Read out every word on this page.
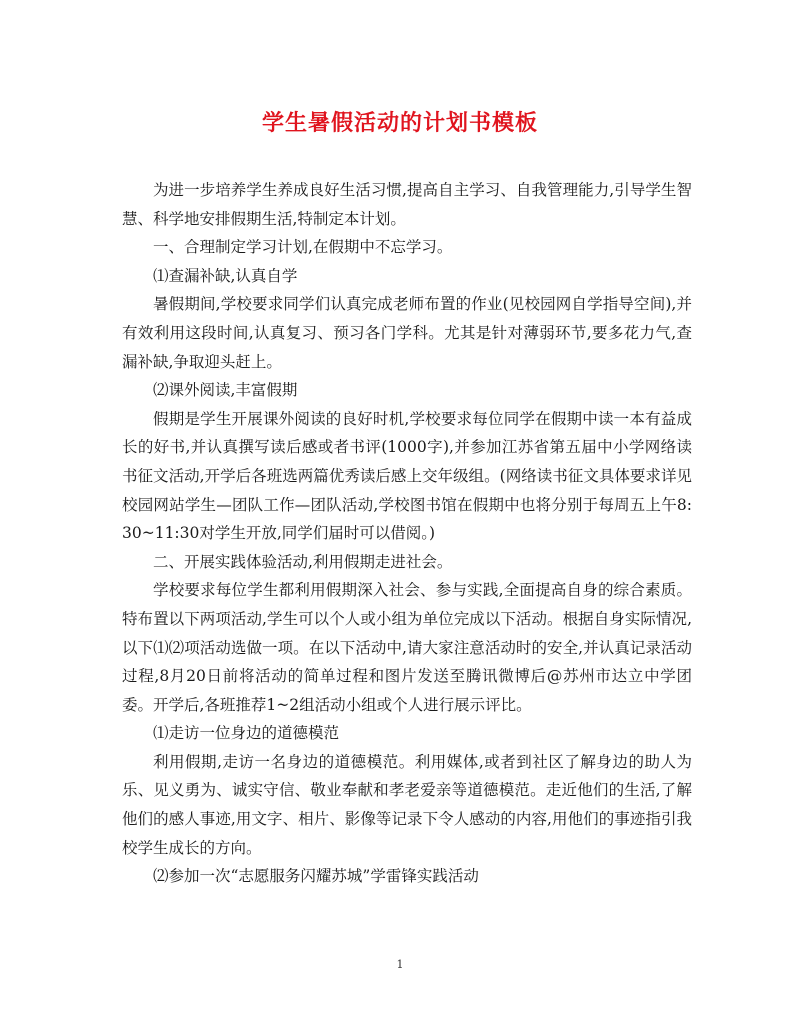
学生暑假活动的计划书模板

为进一步培养学生养成良好生活习惯,提高自主学习、自我管理能力,引导学生智慧、科学地安排假期生活,特制定本计划。

一、合理制定学习计划,在假期中不忘学习。

⑴查漏补缺,认真自学

暑假期间,学校要求同学们认真完成老师布置的作业(见校园网自学指导空间),并有效利用这段时间,认真复习、预习各门学科。尤其是针对薄弱环节,要多花力气,查漏补缺,争取迎头赶上。

⑵课外阅读,丰富假期

假期是学生开展课外阅读的良好时机,学校要求每位同学在假期中读一本有益成长的好书,并认真撰写读后感或者书评(1000字),并参加江苏省第五届中小学网络读书征文活动,开学后各班选两篇优秀读后感上交年级组。(网络读书征文具体要求详见校园网站学生—团队工作—团队活动,学校图书馆在假期中也将分别于每周五上午8:30~11:30对学生开放,同学们届时可以借阅。)

二、开展实践体验活动,利用假期走进社会。

学校要求每位学生都利用假期深入社会、参与实践,全面提高自身的综合素质。特布置以下两项活动,学生可以个人或小组为单位完成以下活动。根据自身实际情况,以下⑴⑵项活动选做一项。在以下活动中,请大家注意活动时的安全,并认真记录活动过程,8月20日前将活动的简单过程和图片发送至腾讯微博后@苏州市达立中学团委。开学后,各班推荐1~2组活动小组或个人进行展示评比。

⑴走访一位身边的道德模范

利用假期,走访一名身边的道德模范。利用媒体,或者到社区了解身边的助人为乐、见义勇为、诚实守信、敬业奉献和孝老爱亲等道德模范。走近他们的生活,了解他们的感人事迹,用文字、相片、影像等记录下令人感动的内容,用他们的事迹指引我校学生成长的方向。

⑵参加一次“志愿服务闪耀苏城”学雷锋实践活动

1
